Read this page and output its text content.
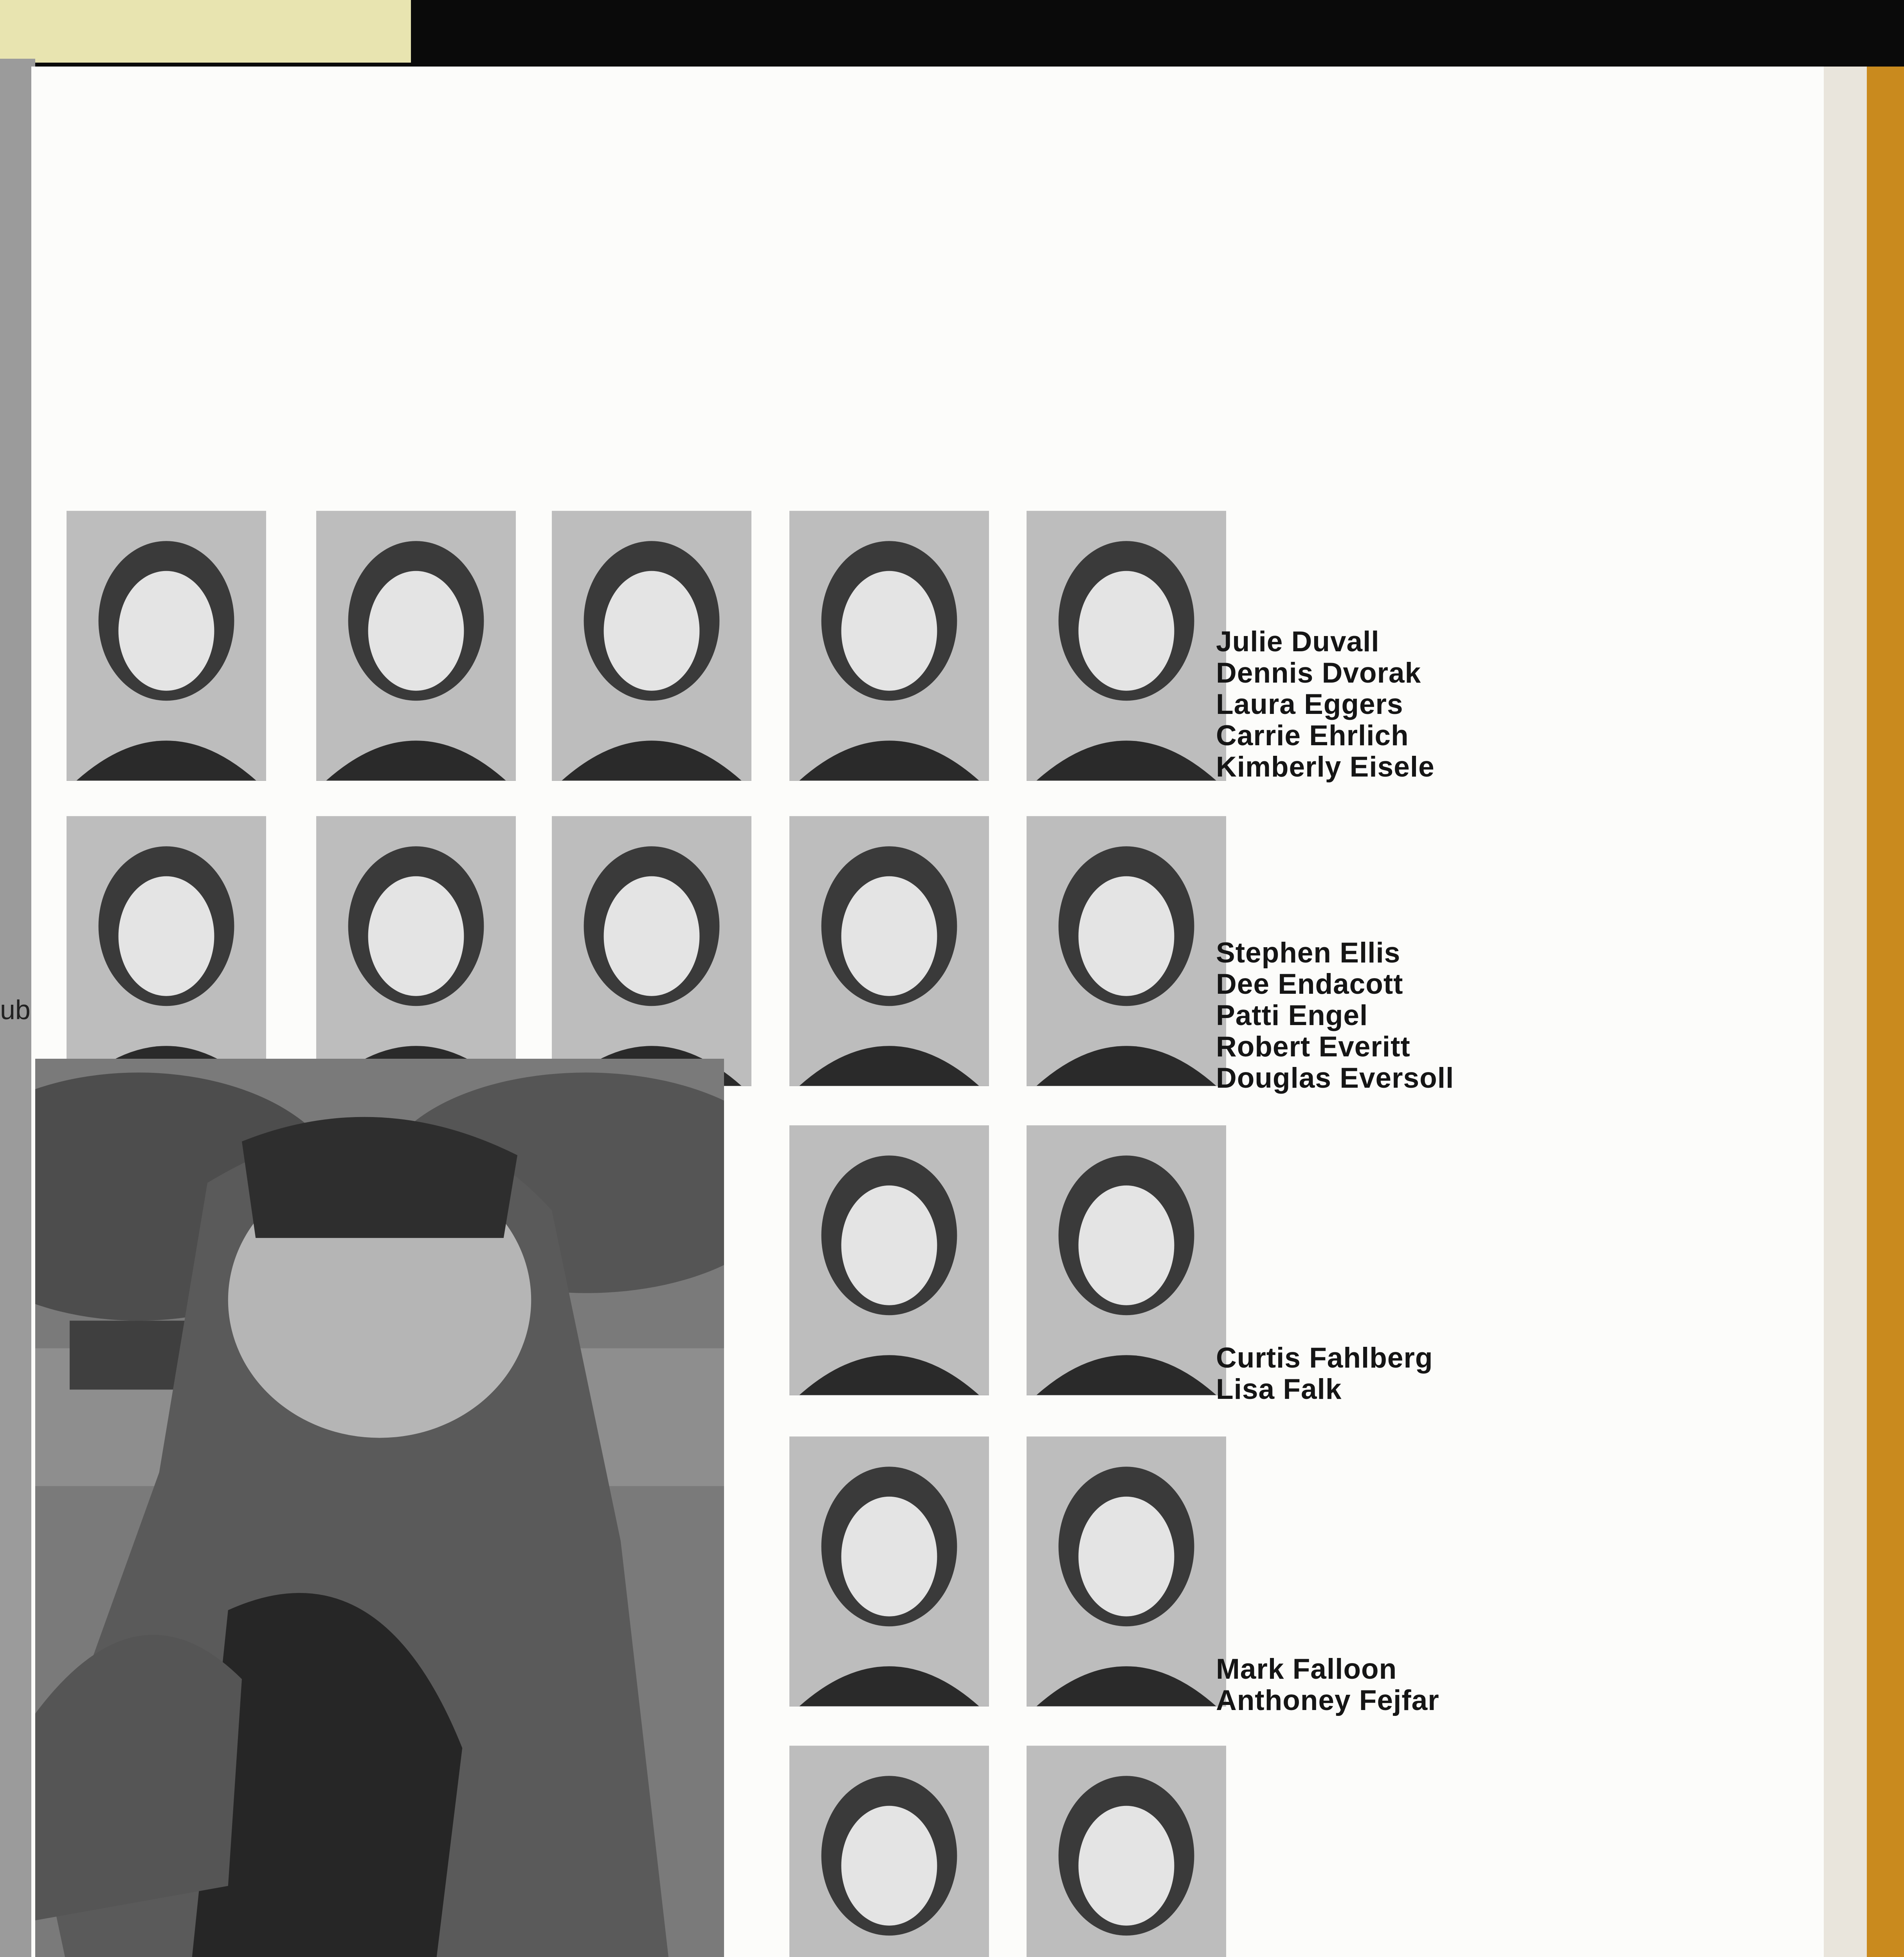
ub
Julie Duvall
Dennis Dvorak
Laura Eggers
Carrie Ehrlich
Kimberly Eisele
Stephen Ellis
Dee Endacott
Patti Engel
Robert Everitt
Douglas Eversoll
Curtis Fahlberg
Lisa Falk
Mark Falloon
Anthoney Fejfar
